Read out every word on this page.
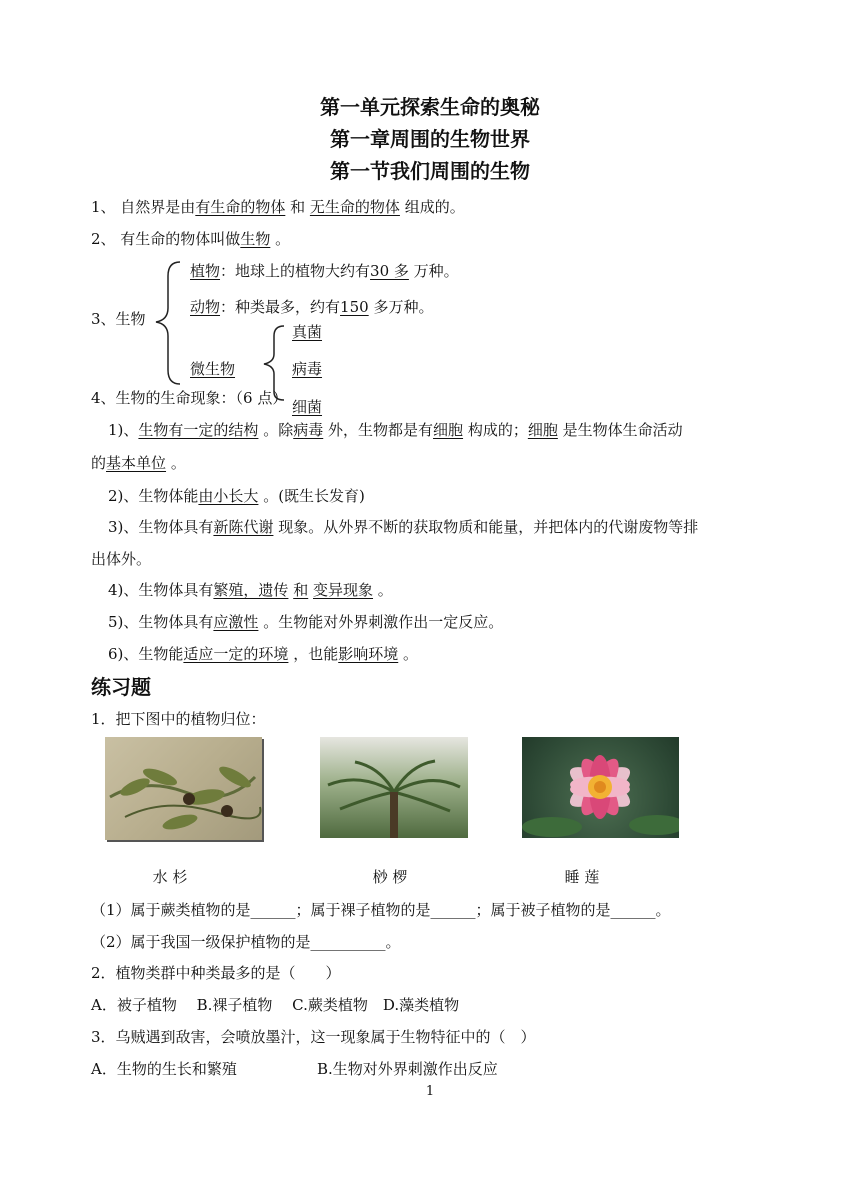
第一单元探索生命的奥秘
第一章周围的生物世界
第一节我们周围的生物
1、 自然界是由有生命的物体 和 无生命的物体 组成的。
2、 有生命的物体叫做生物 。
3、生物
植物：地球上的植物大约有30 多 万种。
动物：种类最多，约有150 多万种。
微生物
真菌
病毒
细菌
4、生物的生命现象：（6 点）
1)、生物有一定的结构 。除病毒 外，生物都是有细胞 构成的；细胞 是生物体生命活动
的基本单位 。
2)、生物体能由小长大 。(既生长发育)
3)、生物体具有新陈代谢 现象。从外界不断的获取物质和能量，并把体内的代谢废物等排
出体外。
4)、生物体具有繁殖，遗传 和 变异现象 。
5)、生物体具有应激性 。生物能对外界刺激作出一定反应。
6)、生物能适应一定的环境 ，也能影响环境 。
练习题
1．把下图中的植物归位：
水 杉	桫 椤	睡 莲
（1）属于蕨类植物的是______；属于裸子植物的是______；属于被子植物的是______。
（2）属于我国一级保护植物的是__________。
2．植物类群中种类最多的是（　　）
A．被子植物　 B.裸子植物　 C.蕨类植物　D.藻类植物
3．乌贼遇到敌害，会喷放墨汁，这一现象属于生物特征中的（　）
A．生物的生长和繁殖	B.生物对外界刺激作出反应
1
